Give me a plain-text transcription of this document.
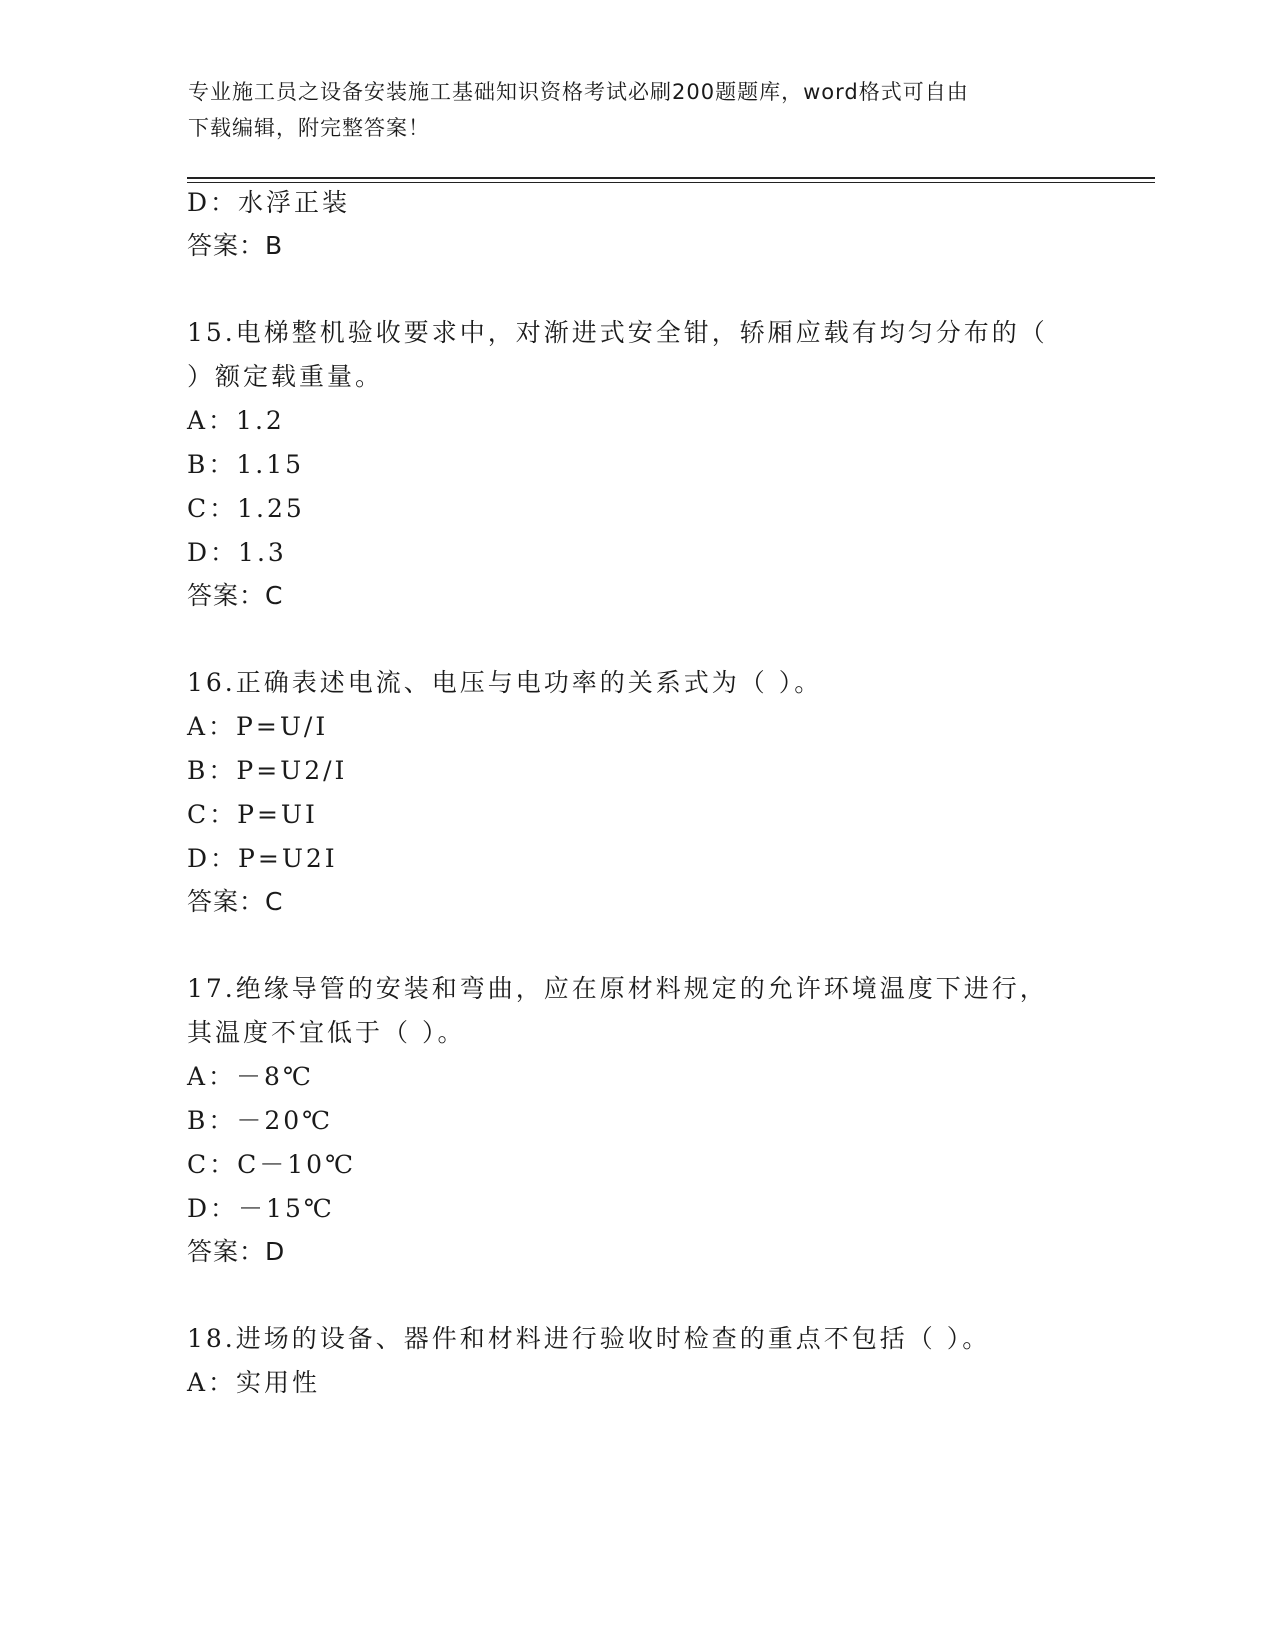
专业施工员之设备安装施工基础知识资格考试必刷200题题库，word格式可自由
下载编辑，附完整答案！
D：水浮正装
答案：B
15.电梯整机验收要求中，对渐进式安全钳，轿厢应载有均匀分布的（
）额定载重量。
A：1.2
B：1.15
C：1.25
D：1.3
答案：C
16.正确表述电流、电压与电功率的关系式为（ ）。
A：P=U/I
B：P=U2/I
C：P=UI
D：P=U2I
答案：C
17.绝缘导管的安装和弯曲，应在原材料规定的允许环境温度下进行，
其温度不宜低于（ ）。
A：－8℃
B：－20℃
C：C－10℃
D：－15℃
答案：D
18.进场的设备、器件和材料进行验收时检查的重点不包括（ ）。
A：实用性
